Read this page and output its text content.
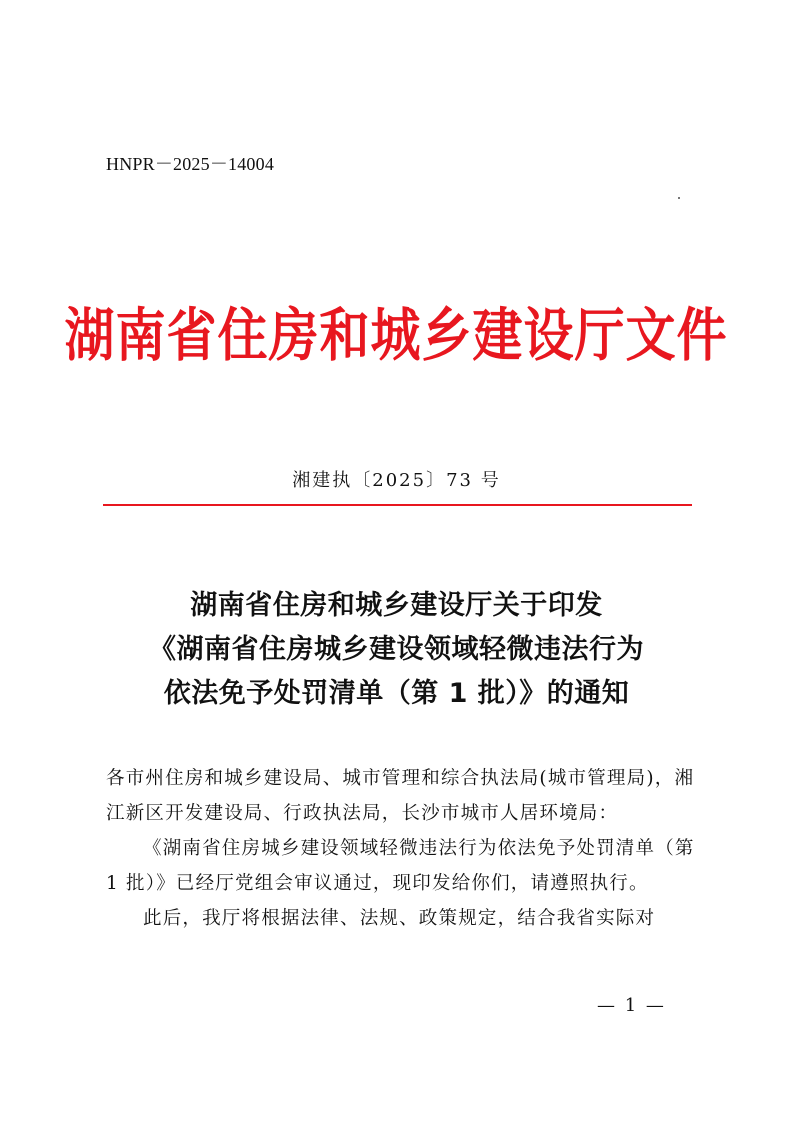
HNPR－2025－14004
湖南省住房和城乡建设厅文件
湘建执〔2025〕73 号
湖南省住房和城乡建设厅关于印发
《湖南省住房城乡建设领域轻微违法行为
依法免予处罚清单（第 1 批）》的通知

各市州住房和城乡建设局、城市管理和综合执法局(城市管理局)，湘江新区开发建设局、行政执法局，长沙市城市人居环境局：

《湖南省住房城乡建设领域轻微违法行为依法免予处罚清单（第 1 批）》已经厅党组会审议通过，现印发给你们，请遵照执行。

此后，我厅将根据法律、法规、政策规定，结合我省实际对

— 1 —
